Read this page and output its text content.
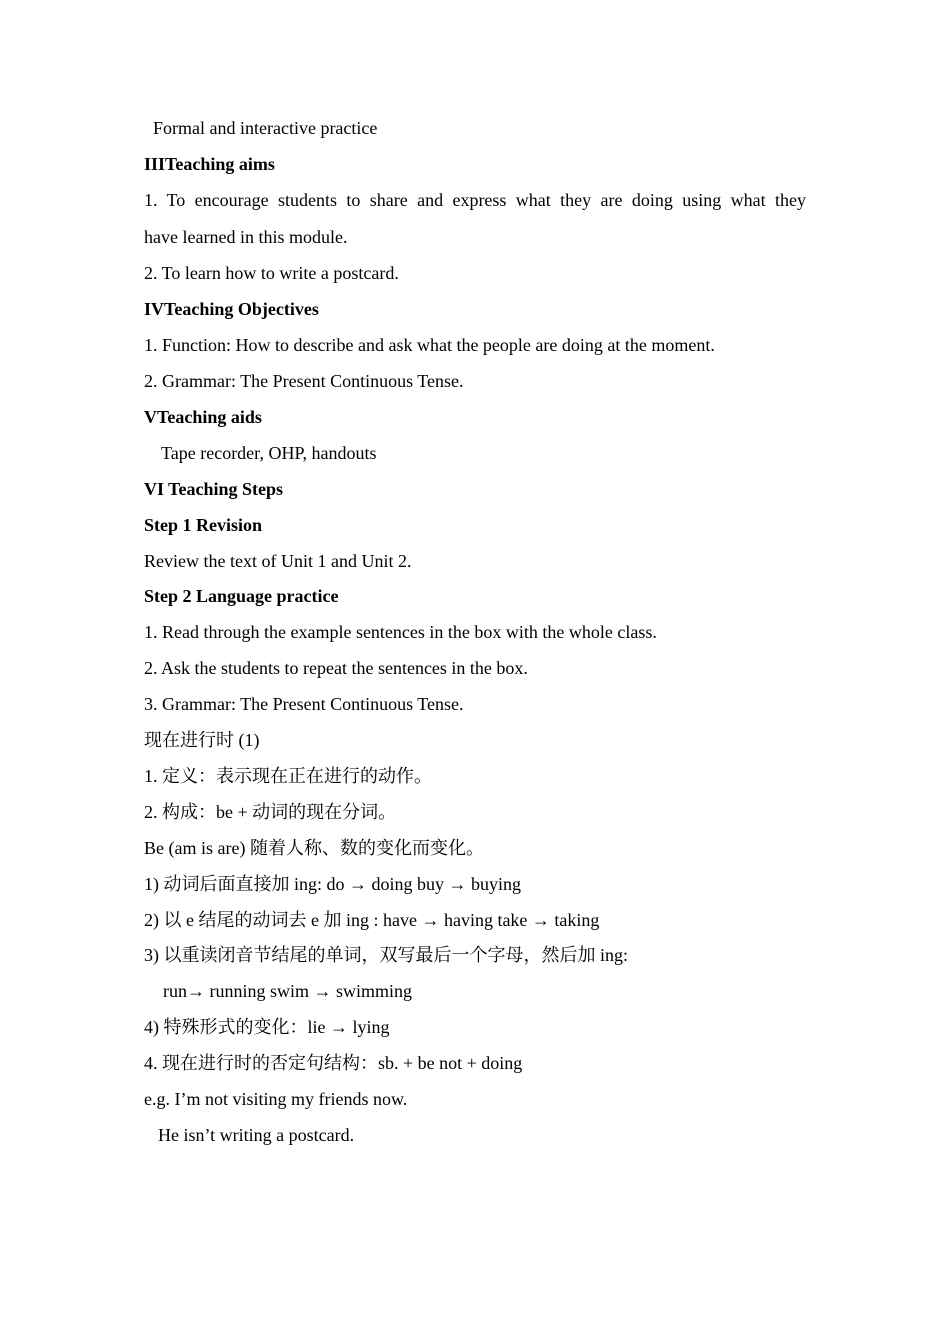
Formal and interactive practice
IIITeaching aims
1. To encourage students to share and express what they are doing using what they
have learned in this module.
2. To learn how to write a postcard.
IVTeaching Objectives
1. Function: How to describe and ask what the people are doing at the moment.
2. Grammar: The Present Continuous Tense.
VTeaching aids
Tape recorder, OHP, handouts
VI Teaching Steps
Step 1 Revision
Review the text of Unit 1 and Unit 2.
Step 2 Language practice
1. Read through the example sentences in the box with the whole class.
2. Ask the students to repeat the sentences in the box.
3. Grammar: The Present Continuous Tense.
现在进行时 (1)
1. 定义：表示现在正在进行的动作。
2. 构成：be + 动词的现在分词。
Be (am is are) 随着人称、数的变化而变化。
1) 动词后面直接加 ing: do → doing buy → buying
2) 以 e 结尾的动词去 e 加 ing : have → having take → taking
3) 以重读闭音节结尾的单词，双写最后一个字母，然后加 ing:
run→ running swim → swimming
4) 特殊形式的变化：lie → lying
4. 现在进行时的否定句结构：sb. + be not + doing
e.g. I’m not visiting my friends now.
He isn’t writing a postcard.
